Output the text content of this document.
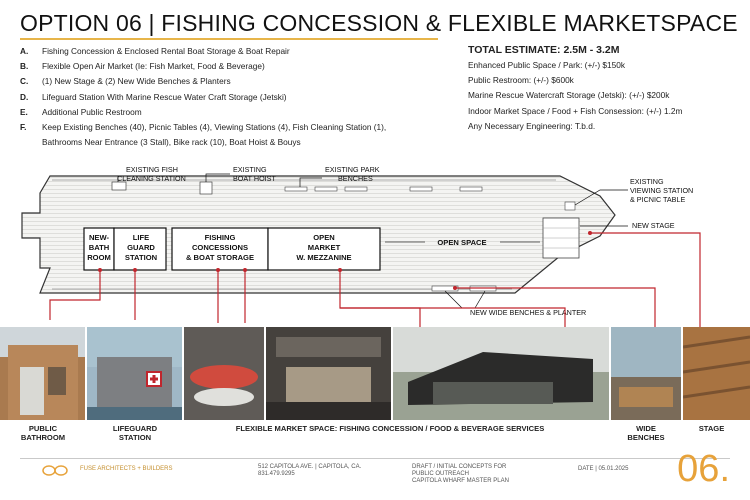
OPTION 06 | FISHING CONCESSION & FLEXIBLE MARKETSPACE
A.	Fishing Concession & Enclosed Rental Boat Storage & Boat Repair
B.	Flexible Open Air Market (Ie: Fish Market, Food & Beverage)
C.	(1) New Stage & (2) New Wide Benches & Planters
D.	Lifeguard Station With Marine Rescue Water Craft Storage (Jetski)
E.	Additional Public Restroom
F.	Keep Existing Benches (40), Picnic Tables (4), Viewing Stations (4), Fish Cleaning Station (1),
Bathrooms Near Entrance (3 Stall), Bike rack (10), Boat Hoist & Bouys
TOTAL ESTIMATE: 2.5M - 3.2M
Enhanced Public Space / Park: (+/-) $150k
Public Restroom: (+/-) $600k
Marine Rescue Watercraft Storage (Jetski): (+/-) $200k
Indoor Market Space / Food + Fish Consession: (+/-) 1.2m
Any Necessary Engineering: T.b.d.
NEW-
BATH
ROOM
LIFE
GUARD
STATION
FISHING
CONCESSIONS
& BOAT STORAGE
OPEN
MARKET
W. MEZZANINE
OPEN SPACE
EXISTING FISH
CLEANING STATION
EXISTING
BOAT HOIST
EXISTING PARK
BENCHES	EXISTING
VIEWING STATION
& PICNIC TABLE
NEW STAGE
NEW WIDE BENCHES & PLANTER
PUBLIC
BATHROOM
LIFEGUARD
STATION
FLEXIBLE MARKET SPACE: FISHING CONCESSION / FOOD & BEVERAGE SERVICES	WIDE
BENCHES
STAGE
FUSE ARCHITECTS + BUILDERS	512 CAPITOLA AVE. | CAPITOLA, CA.
831.479.9295
DRAFT / INITIAL CONCEPTS FOR
PUBLIC OUTREACH
CAPITOLA WHARF MASTER PLAN
DATE | 05.01.2025 06.
